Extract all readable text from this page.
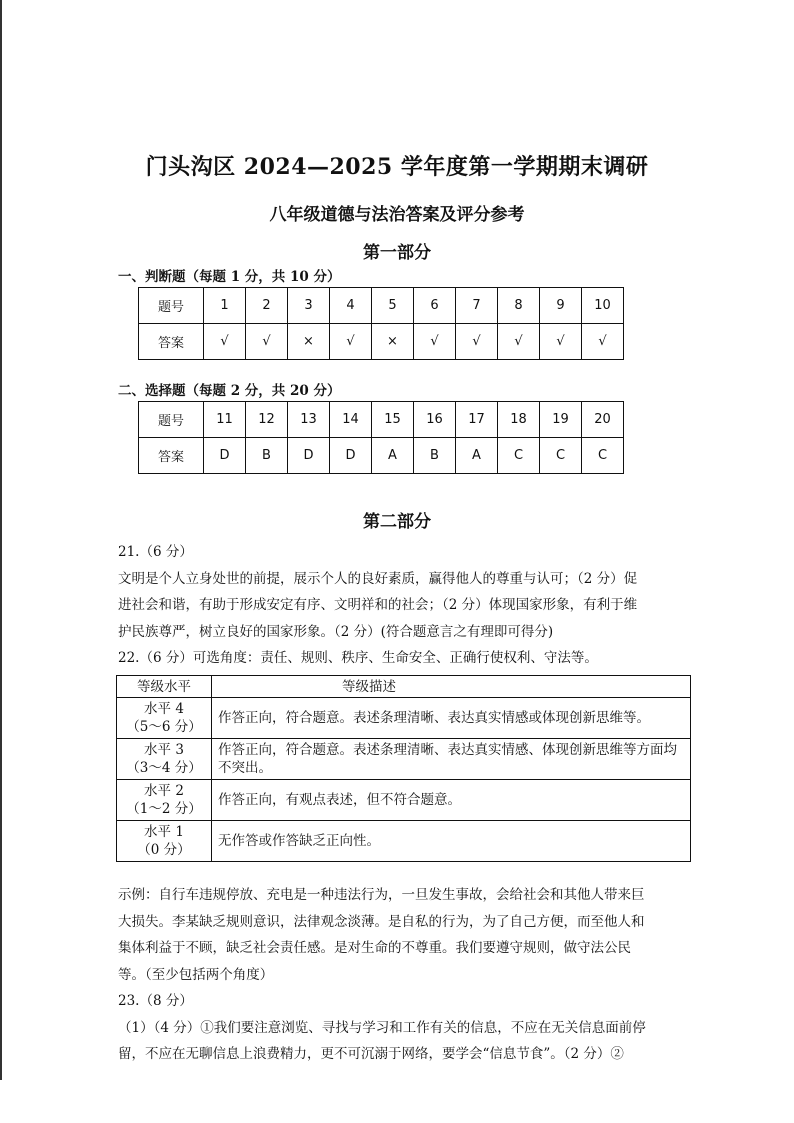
门头沟区 2024—2025 学年度第一学期期末调研
八年级道德与法治答案及评分参考
第一部分
一、判断题（每题 1 分，共 10 分）
题号	1	2	3	4	5	6	7	8	9	10
答案	√	√	×	√	×	√	√	√	√	√
二、选择题（每题 2 分，共 20 分）
题号	11	12	13	14	15	16	17	18	19	20
答案	D	B	D	D	A	B	A	C	C	C
第二部分
21.（6 分）
文明是个人立身处世的前提，展示个人的良好素质，赢得他人的尊重与认可；（2 分）促
进社会和谐，有助于形成安定有序、文明祥和的社会；（2 分）体现国家形象，有利于维
护民族尊严，树立良好的国家形象。（2 分）(符合题意言之有理即可得分)
22.（6 分）可选角度：责任、规则、秩序、生命安全、正确行使权利、守法等。
等级水平	等级描述

水平 4
（5～6 分）	作答正向，符合题意。表述条理清晰、表达真实情感或体现创新思维等。

水平 3
（3～4 分）	作答正向，符合题意。表述条理清晰、表达真实情感、体现创新思维等方面均不突出。

水平 2
（1～2 分）	作答正向，有观点表述，但不符合题意。

水平 1
（0 分）	无作答或作答缺乏正向性。
示例：自行车违规停放、充电是一种违法行为，一旦发生事故，会给社会和其他人带来巨
大损失。李某缺乏规则意识，法律观念淡薄。是自私的行为，为了自己方便，而至他人和
集体利益于不顾，缺乏社会责任感。是对生命的不尊重。我们要遵守规则，做守法公民
等。（至少包括两个角度）
23.（8 分）
（1）（4 分）①我们要注意浏览、寻找与学习和工作有关的信息，不应在无关信息面前停
留，不应在无聊信息上浪费精力，更不可沉溺于网络，要学会“信息节食”。（2 分）②
